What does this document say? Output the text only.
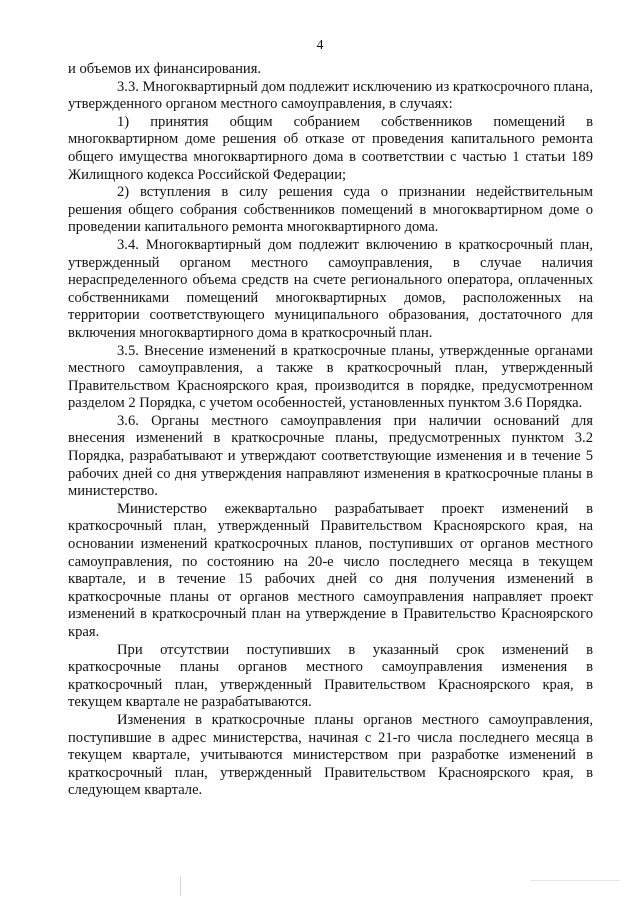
4

и объемов их финансирования.

3.3. Многоквартирный дом подлежит исключению из краткосрочного плана, утвержденного органом местного самоуправления, в случаях:

1) принятия общим собранием собственников помещений в многоквартирном доме решения об отказе от проведения капитального ремонта общего имущества многоквартирного дома в соответствии с частью 1 статьи 189 Жилищного кодекса Российской Федерации;

2) вступления в силу решения суда о признании недействительным решения общего собрания собственников помещений в многоквартирном доме о проведении капитального ремонта многоквартирного дома.

3.4. Многоквартирный дом подлежит включению в краткосрочный план, утвержденный органом местного самоуправления, в случае наличия нераспределенного объема средств на счете регионального оператора, оплаченных собственниками помещений многоквартирных домов, расположенных на территории соответствующего муниципального образования, достаточного для включения многоквартирного дома в краткосрочный план.

3.5. Внесение изменений в краткосрочные планы, утвержденные органами местного самоуправления, а также в краткосрочный план, утвержденный Правительством Красноярского края, производится в порядке, предусмотренном разделом 2 Порядка, с учетом особенностей, установленных пунктом 3.6 Порядка.

3.6. Органы местного самоуправления при наличии оснований для внесения изменений в краткосрочные планы, предусмотренных пунктом 3.2 Порядка, разрабатывают и утверждают соответствующие изменения и в течение 5 рабочих дней со дня утверждения направляют изменения в краткосрочные планы в министерство.

Министерство ежеквартально разрабатывает проект изменений в краткосрочный план, утвержденный Правительством Красноярского края, на основании изменений краткосрочных планов, поступивших от органов местного самоуправления, по состоянию на 20-е число последнего месяца в текущем квартале, и в течение 15 рабочих дней со дня получения изменений в краткосрочные планы от органов местного самоуправления направляет проект изменений в краткосрочный план на утверждение в Правительство Красноярского края.

При отсутствии поступивших в указанный срок изменений в краткосрочные планы органов местного самоуправления изменения в краткосрочный план, утвержденный Правительством Красноярского края, в текущем квартале не разрабатываются.

Изменения в краткосрочные планы органов местного самоуправления, поступившие в адрес министерства, начиная с 21-го числа последнего месяца в текущем квартале, учитываются министерством при разработке изменений в краткосрочный план, утвержденный Правительством Красноярского края, в следующем квартале.
